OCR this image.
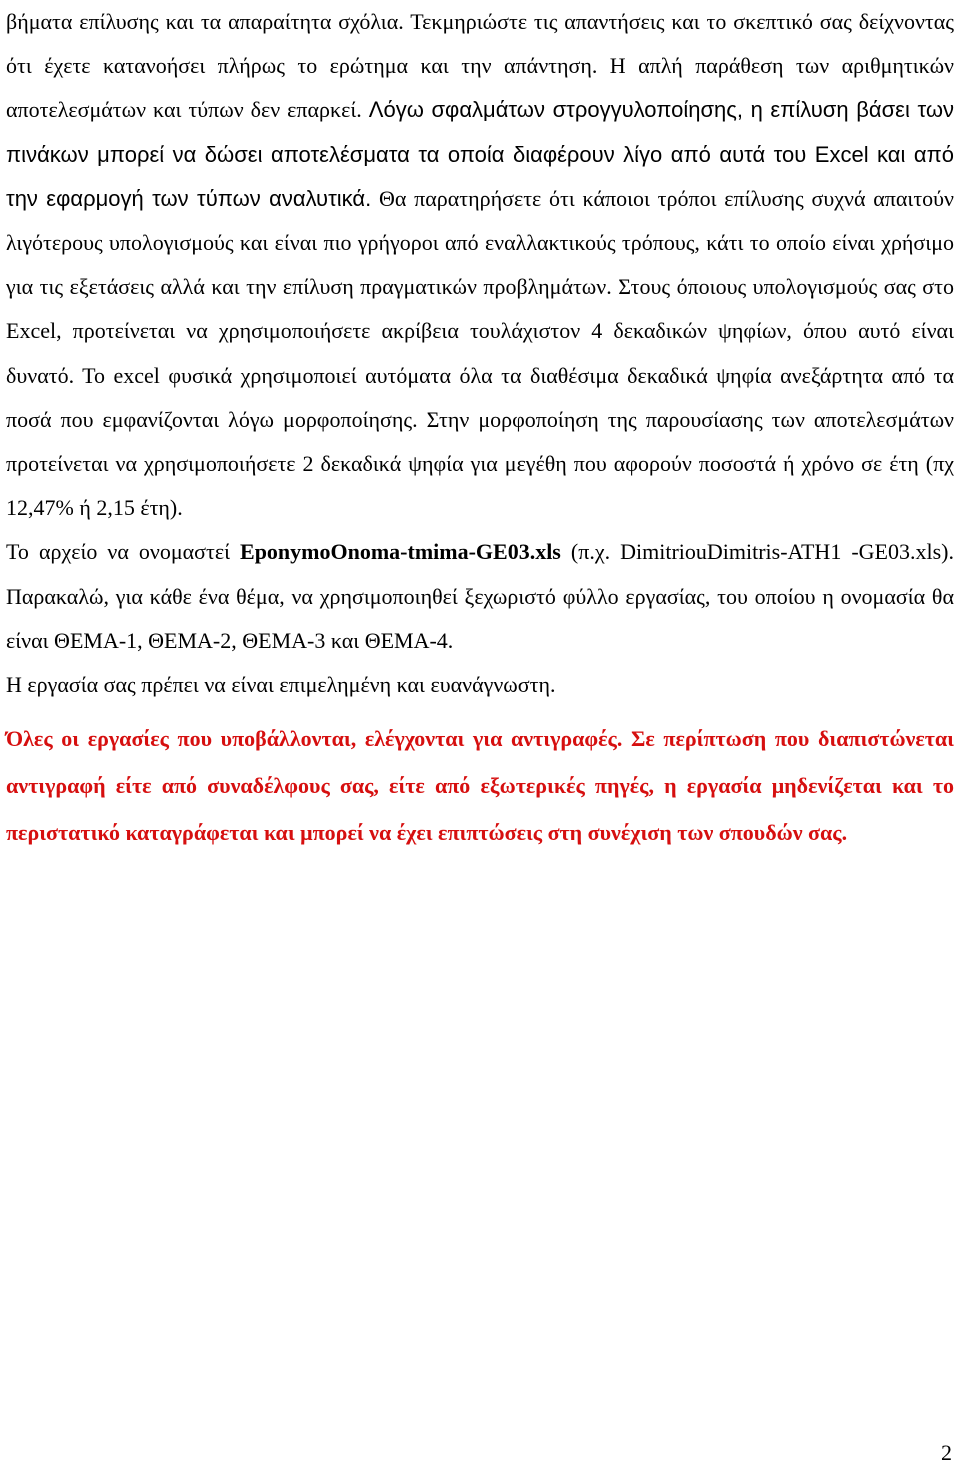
βήματα επίλυσης και τα απαραίτητα σχόλια. Τεκμηριώστε τις απαντήσεις και το σκεπτικό σας δείχνοντας ότι έχετε κατανοήσει πλήρως το ερώτημα και την απάντηση. Η απλή παράθεση των αριθμητικών αποτελεσμάτων και τύπων δεν επαρκεί. Λόγω σφαλμάτων στρογγυλοποίησης, η επίλυση βάσει των πινάκων μπορεί να δώσει αποτελέσματα τα οποία διαφέρουν λίγο από αυτά του Excel και από την εφαρμογή των τύπων αναλυτικά. Θα παρατηρήσετε ότι κάποιοι τρόποι επίλυσης συχνά απαιτούν λιγότερους υπολογισμούς και είναι πιο γρήγοροι από εναλλακτικούς τρόπους, κάτι το οποίο είναι χρήσιμο για τις εξετάσεις αλλά και την επίλυση πραγματικών προβλημάτων. Στους όποιους υπολογισμούς σας στο Excel, προτείνεται να χρησιμοποιήσετε ακρίβεια τουλάχιστον 4 δεκαδικών ψηφίων, όπου αυτό είναι δυνατό. Το excel φυσικά χρησιμοποιεί αυτόματα όλα τα διαθέσιμα δεκαδικά ψηφία ανεξάρτητα από τα ποσά που εμφανίζονται λόγω μορφοποίησης. Στην μορφοποίηση της παρουσίασης των αποτελεσμάτων προτείνεται να χρησιμοποιήσετε 2 δεκαδικά ψηφία για μεγέθη που αφορούν ποσοστά ή χρόνο σε έτη (πχ 12,47% ή 2,15 έτη).

Το αρχείο να ονομαστεί EponymoOnoma-tmima-GE03.xls (π.χ. DimitriouDimitris-ATH1 -GE03.xls). Παρακαλώ, για κάθε ένα θέμα, να χρησιμοποιηθεί ξεχωριστό φύλλο εργασίας, του οποίου η ονομασία θα είναι ΘΕΜΑ-1, ΘΕΜΑ-2, ΘΕΜΑ-3 και ΘΕΜΑ-4.

Η εργασία σας πρέπει να είναι επιμελημένη και ευανάγνωστη.

Όλες οι εργασίες που υποβάλλονται, ελέγχονται για αντιγραφές. Σε περίπτωση που διαπιστώνεται αντιγραφή είτε από συναδέλφους σας, είτε από εξωτερικές πηγές, η εργασία μηδενίζεται και το περιστατικό καταγράφεται και μπορεί να έχει επιπτώσεις στη συνέχιση των σπουδών σας.

2
